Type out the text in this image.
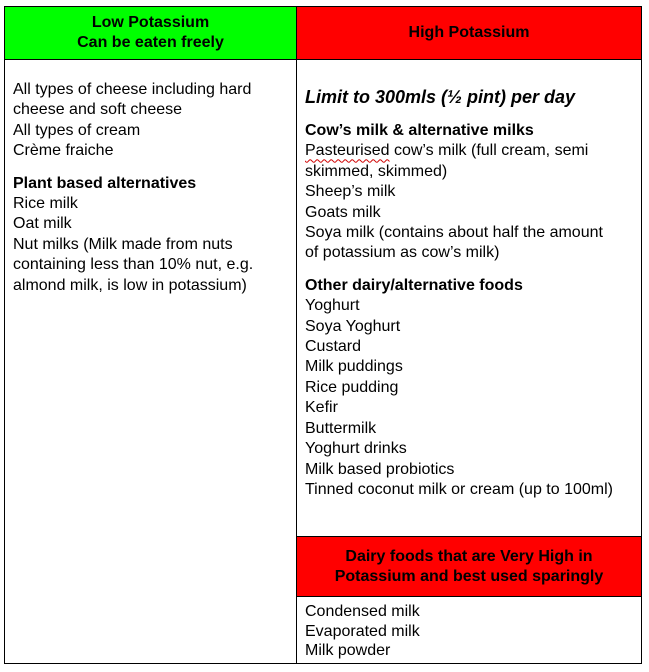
Low Potassium
Can be eaten freely
High Potassium
All types of cheese including hard
cheese and soft cheese
All types of cream
Crème fraiche
Plant based alternatives
Rice milk
Oat milk
Nut milks (Milk made from nuts
containing less than 10% nut, e.g.
almond milk, is low in potassium)
Limit to 300mls (½ pint) per day
Cow’s milk & alternative milks
Pasteurised cow’s milk (full cream, semi
skimmed, skimmed)
Sheep’s milk
Goats milk
Soya milk (contains about half the amount
of potassium as cow’s milk)
Other dairy/alternative foods
Yoghurt
Soya Yoghurt
Custard
Milk puddings
Rice pudding
Kefir
Buttermilk
Yoghurt drinks
Milk based probiotics
Tinned coconut milk or cream (up to 100ml)
Dairy foods that are Very High in
Potassium and best used sparingly
Condensed milk
Evaporated milk
Milk powder
